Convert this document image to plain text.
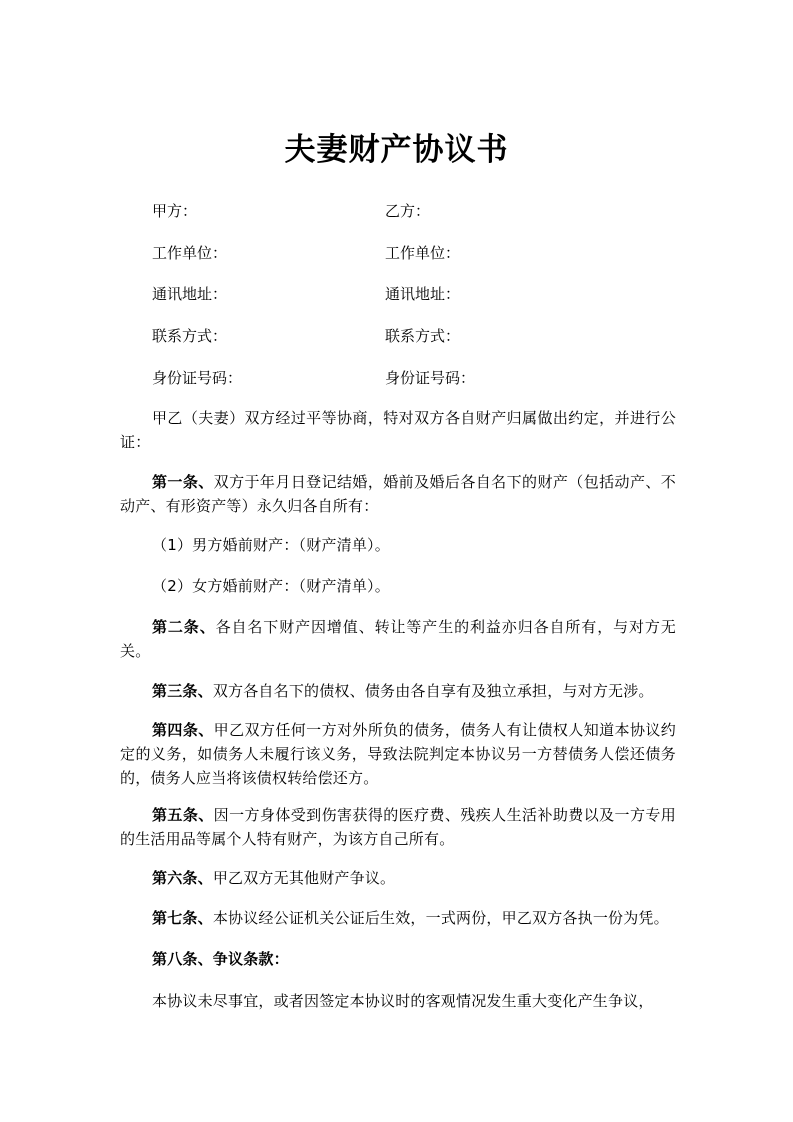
夫妻财产协议书
甲方：	乙方：
工作单位：	工作单位：
通讯地址：	通讯地址：
联系方式：	联系方式：
身份证号码：	身份证号码：
甲乙（夫妻）双方经过平等协商，特对双方各自财产归属做出约定，并进行公证：
第一条、双方于年月日登记结婚，婚前及婚后各自名下的财产（包括动产、不动产、有形资产等）永久归各自所有：
（1）男方婚前财产：（财产清单）。
（2）女方婚前财产：（财产清单）。
第二条、各自名下财产因增值、转让等产生的利益亦归各自所有，与对方无关。
第三条、双方各自名下的债权、债务由各自享有及独立承担，与对方无涉。
第四条、甲乙双方任何一方对外所负的债务，债务人有让债权人知道本协议约定的义务，如债务人未履行该义务，导致法院判定本协议另一方替债务人偿还债务的，债务人应当将该债权转给偿还方。
第五条、因一方身体受到伤害获得的医疗费、残疾人生活补助费以及一方专用的生活用品等属个人特有财产，为该方自己所有。
第六条、甲乙双方无其他财产争议。
第七条、本协议经公证机关公证后生效，一式两份，甲乙双方各执一份为凭。
第八条、争议条款：
本协议未尽事宜，或者因签定本协议时的客观情况发生重大变化产生争议，
